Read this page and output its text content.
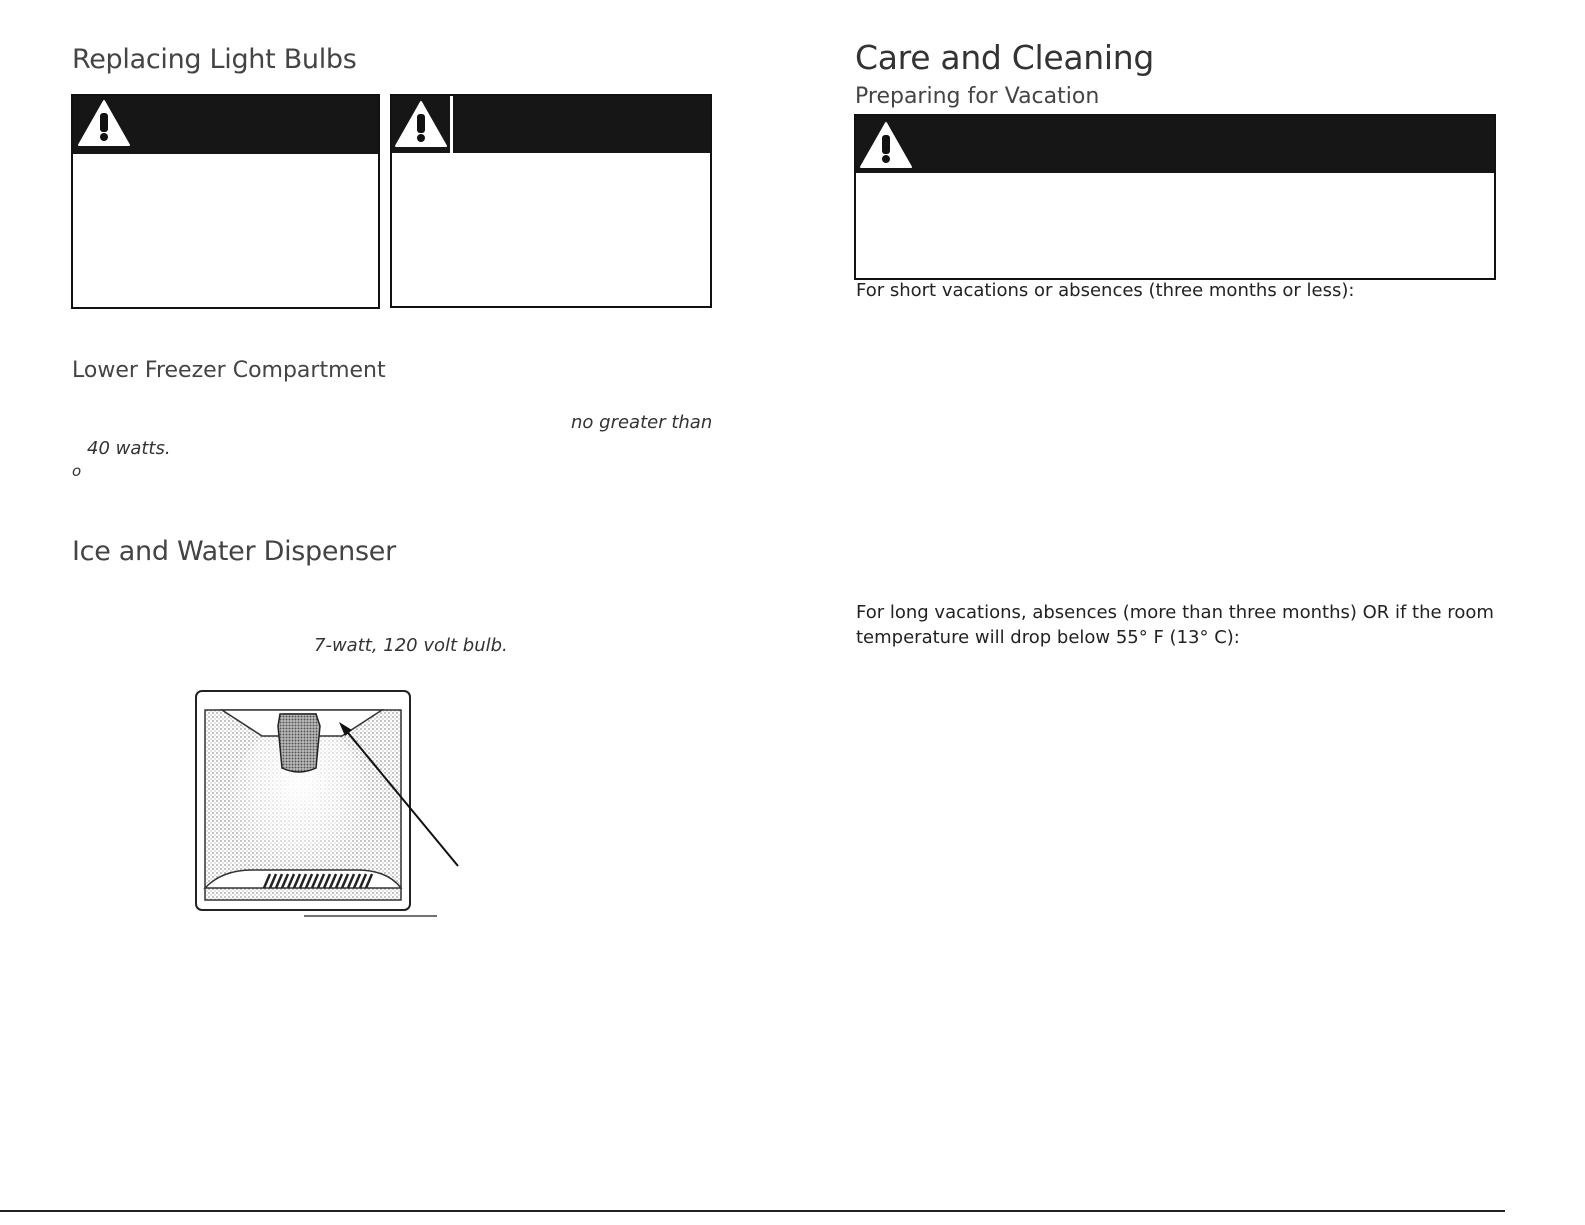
Replacing Light Bulbs
Lower Freezer Compartment
no greater than
40 watts.
o
Ice and Water Dispenser
7-watt, 120 volt bulb.
Care and Cleaning
Preparing for Vacation
For short vacations or absences (three months or less):
For long vacations, absences (more than three months) OR if the room
temperature will drop below 55° F (13° C):
